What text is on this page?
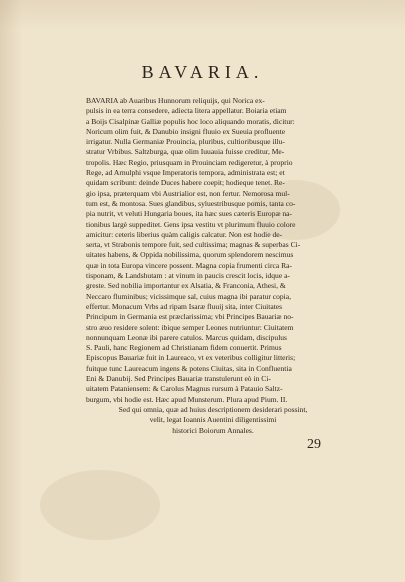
BAVARIA.
BAVARIA ab Auaribus Hunnorum reliquijs, qui Norica ex-
pulsis in ea terra consedere, adiecta litera appellatur. Boiaria etiam
a Boijs Cisalpinæ Galliæ populis hoc loco aliquando moratis, dicitur:
Noricum olim fuit, & Danubio insigni fluuio ex Sueuia profluente
irrigatur. Nulla Germaniæ Prouincia, pluribus, cultioribusque illu-
stratur Vrbibus. Saltzburga, quæ olim Iuuauia fuisse creditur, Me-
tropolis. Hæc Regio, priusquam in Prouinciam redigeretur, à proprio
Rege, ad Arnulphi vsque Imperatoris tempora, administrata est; et
quidam scribunt: deinde Duces habere coepit; hodieque tenet. Re-
gio ipsa, præterquam vbi Austrialior est, non fertur. Nemorosa mul-
tum est, & montosa. Sues glandibus, syluestribusque pomis, tanta co-
pia nutrit, vt veluti Hungaria boues, ita hæc sues cæteris Europæ na-
tionibus largè suppeditet. Gens ipsa vestitu vt plurimum fluuio colore
amicitur: ceteris liberius quàm caligis calcatur. Non est hodie de-
serta, vt Strabonis tempore fuit, sed cultissima; magnas & superbas Ci-
uitates habens, & Oppida nobilissima, quorum splendorem nescimus
quæ in tota Europa vincere possent. Magna copia frumenti circa Ra-
tisponam, & Landshutam : at vinum in paucis crescit locis, idque a-
greste. Sed nobilia importantur ex Alsatia, & Franconia, Athesi, &
Neccaro fluminibus; vicissimque sal, cuius magna ibi paratur copia,
effertur. Monacum Vrbs ad ripam Isaræ fluuij sita, inter Ciuitates
Principum in Germania est præclarissima; vbi Principes Bauariæ no-
stro æuo residere solent: ibique semper Leones nutriuntur: Ciuitatem
nonnunquam Leonæ ibi parere catulos. Marcus quidam, discipulus
S. Pauli, hanc Regionem ad Christianam fidem conuertit. Primus
Episcopus Bauariæ fuit in Laureaco, vt ex veteribus colligitur litteris;
fuitque tunc Laureacum ingens & potens Ciuitas, sita in Confluentia
Eni & Danubij. Sed Principes Bauariæ transtulerunt eò in Ci-
uitatem Pataniensem: & Carolus Magnus rursum à Patauio Saltz-
burgum, vbi hodie est. Hæc apud Munsterum. Plura apud Pium. II.
Sed qui omnia, quæ ad huius descriptionem desiderari possint,
velit, legat Ioannis Auentini diligentissimi
historici Boiorum Annales.
29
